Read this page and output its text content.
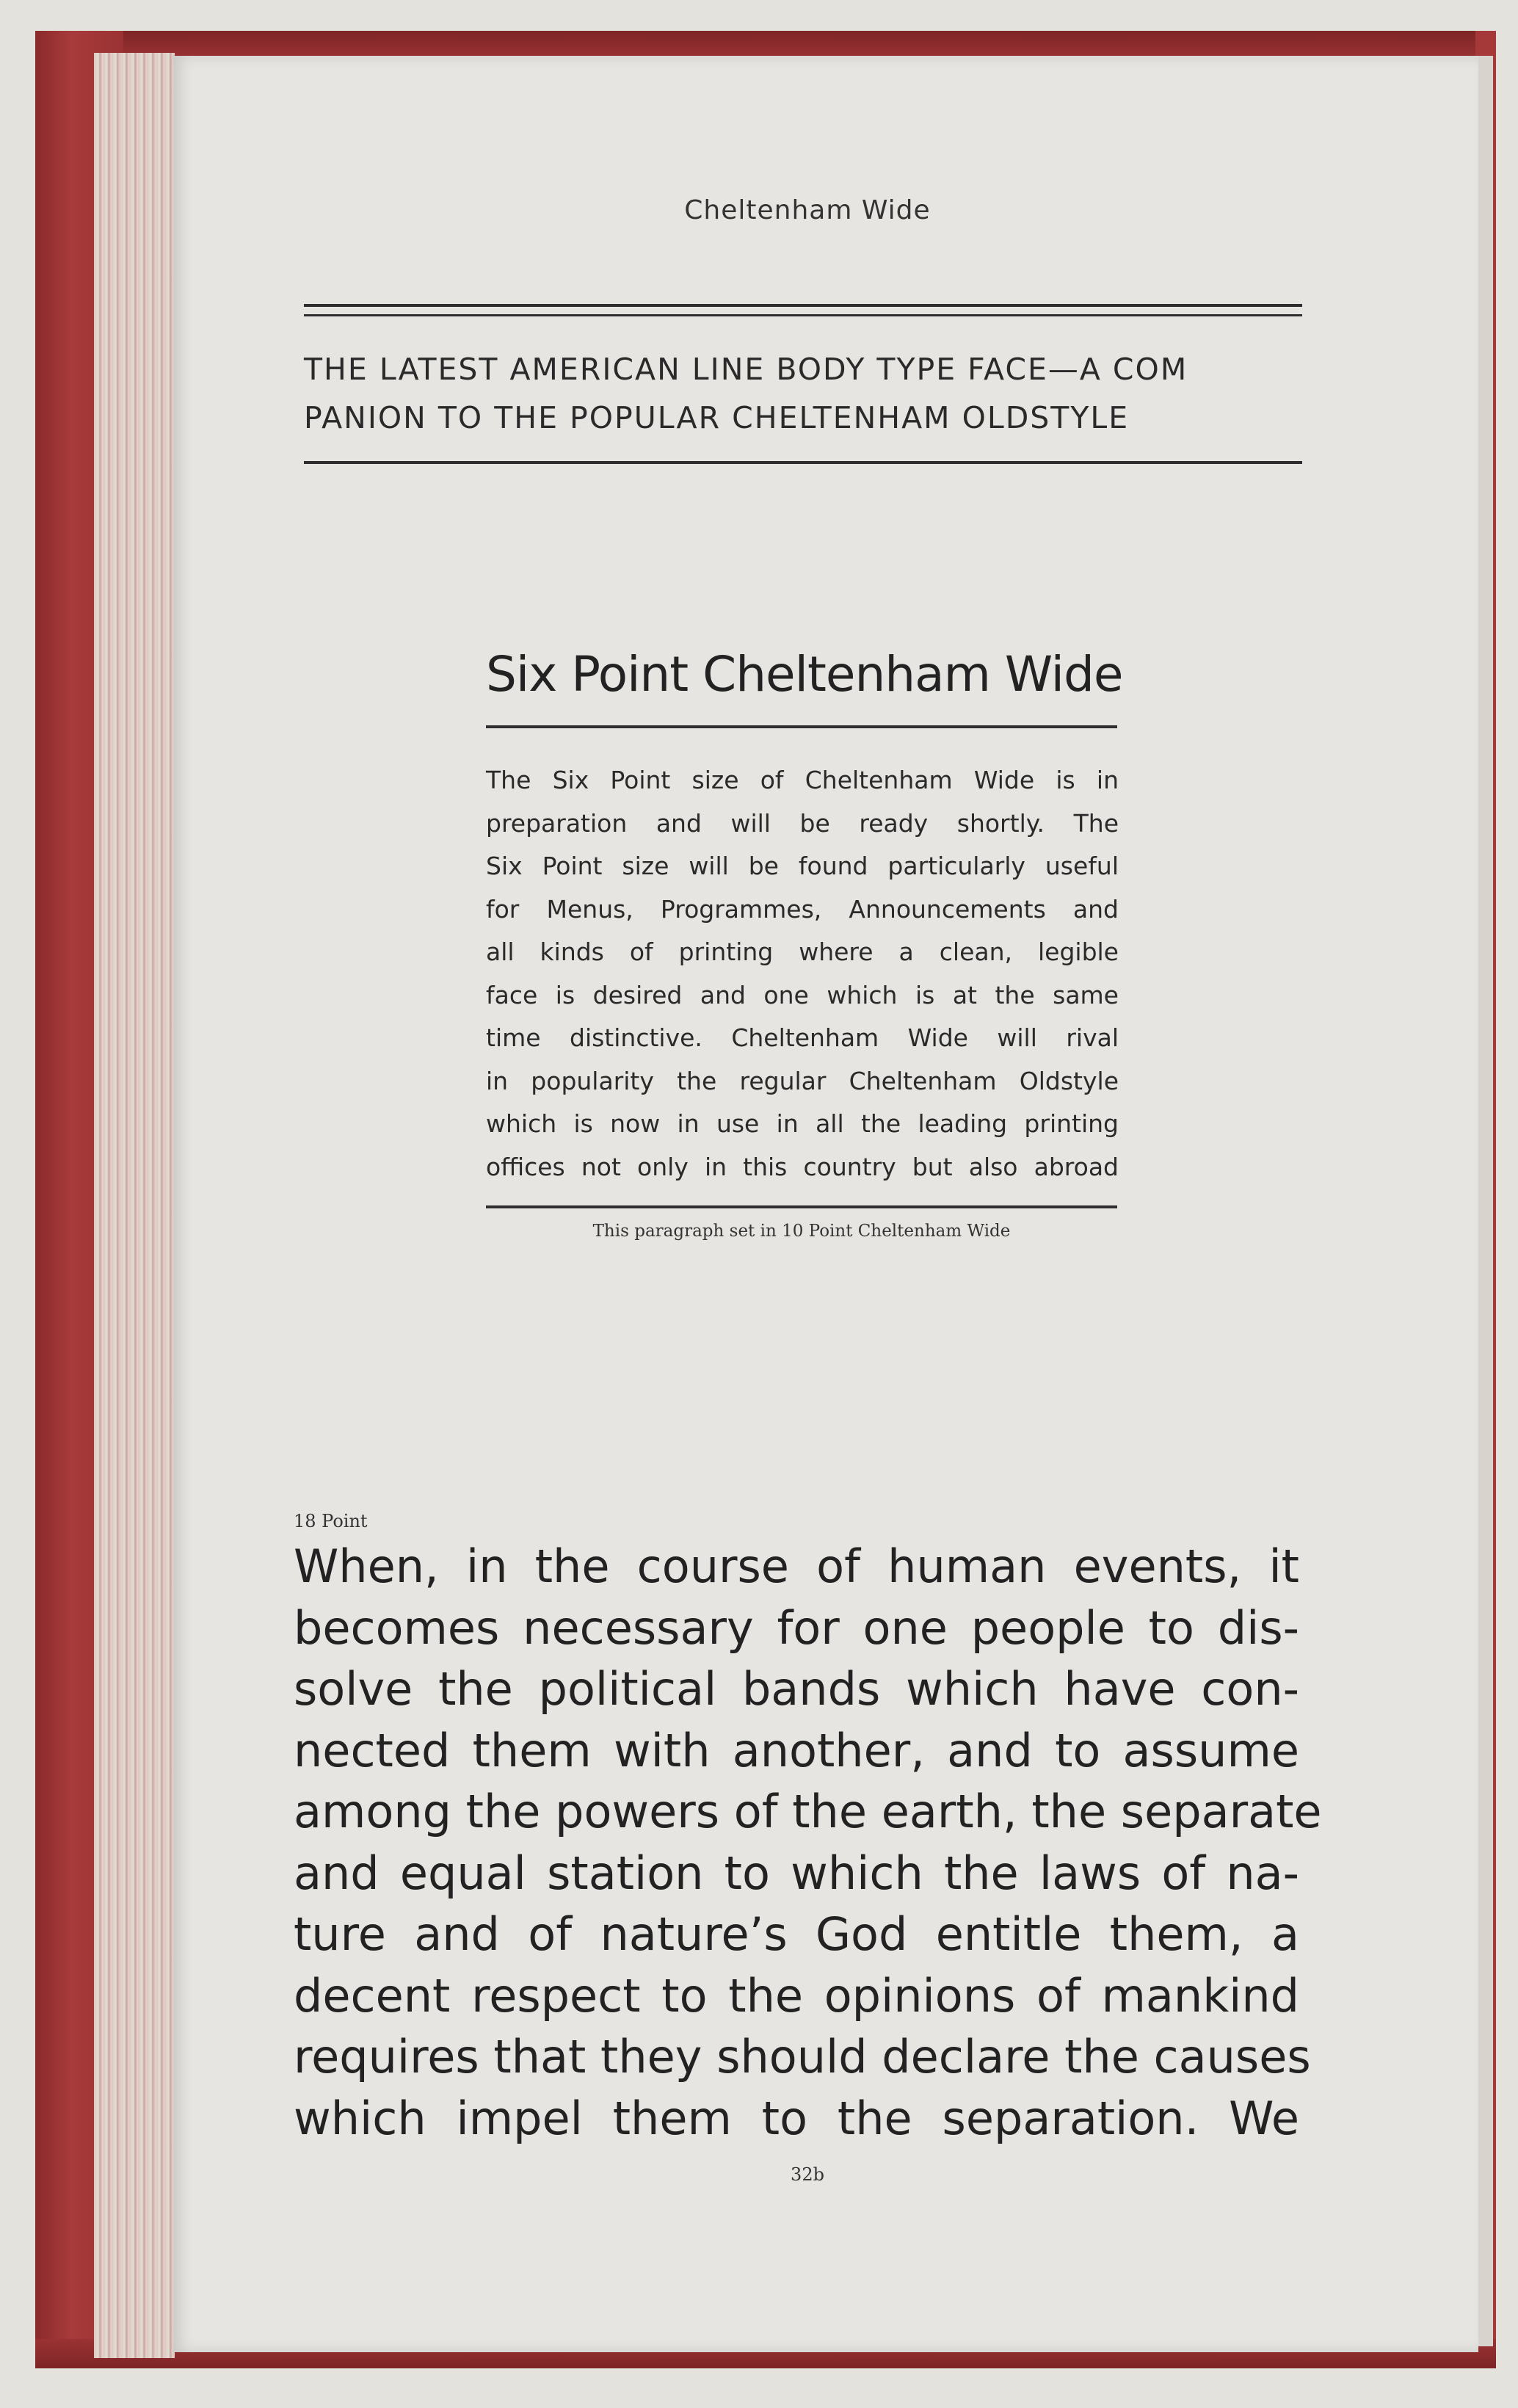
Cheltenham Wide
THE LATEST AMERICAN LINE BODY TYPE FACE—A COM
PANION TO THE POPULAR CHELTENHAM OLDSTYLE
Six Point Cheltenham Wide
The Six Point size of Cheltenham Wide is in
preparation and will be ready shortly. The
Six Point size will be found particularly useful
for Menus, Programmes, Announcements and
all kinds of printing where a clean, legible
face is desired and one which is at the same
time distinctive. Cheltenham Wide will rival
in popularity the regular Cheltenham Oldstyle
which is now in use in all the leading printing
offices not only in this country but also abroad
This paragraph set in 10 Point Cheltenham Wide
18 Point
When, in the course of human events, it
becomes necessary for one people to dis-
solve the political bands which have con-
nected them with another, and to assume
among the powers of the earth, the separate
and equal station to which the laws of na-
ture and of nature’s God entitle them, a
decent respect to the opinions of mankind
requires that they should declare the causes
which impel them to the separation. We
32b
